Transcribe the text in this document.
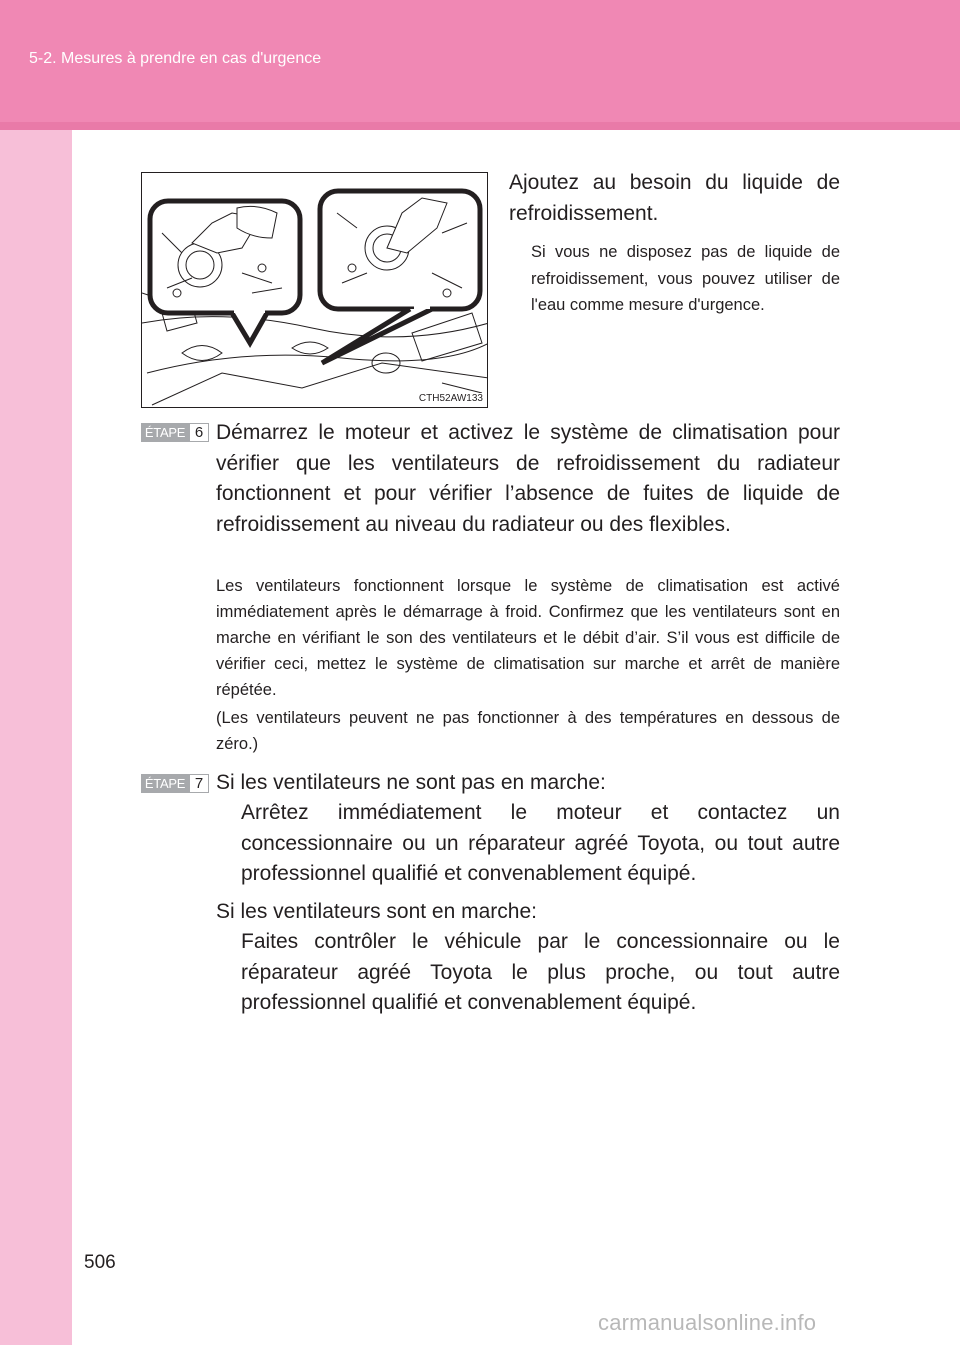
5-2. Mesures à prendre en cas d'urgence
CTH52AW133
Ajoutez au besoin du liquide de refroidissement.
Si vous ne disposez pas de liquide de refroidissement, vous pouvez utiliser de l'eau comme mesure d'urgence.
ÉTAPE 6 Démarrez le moteur et activez le système de climatisation pour vérifier que les ventilateurs de refroidissement du radiateur fonctionnent et pour vérifier l’absence de fuites de liquide de refroidissement au niveau du radiateur ou des flexibles.
Les ventilateurs fonctionnent lorsque le système de climatisation est activé immédiatement après le démarrage à froid. Confirmez que les ventilateurs sont en marche en vérifiant le son des ventilateurs et le débit d’air. S’il vous est difficile de vérifier ceci, mettez le système de climatisation sur marche et arrêt de manière répétée.
(Les ventilateurs peuvent ne pas fonctionner à des températures en dessous de zéro.)
ÉTAPE 7 Si les ventilateurs ne sont pas en marche:
Arrêtez immédiatement le moteur et contactez un concessionnaire ou un réparateur agréé Toyota, ou tout autre professionnel qualifié et convenablement équipé.
Si les ventilateurs sont en marche:
Faites contrôler le véhicule par le concessionnaire ou le réparateur agréé Toyota le plus proche, ou tout autre professionnel qualifié et convenablement équipé.
506
carmanualsonline.info
